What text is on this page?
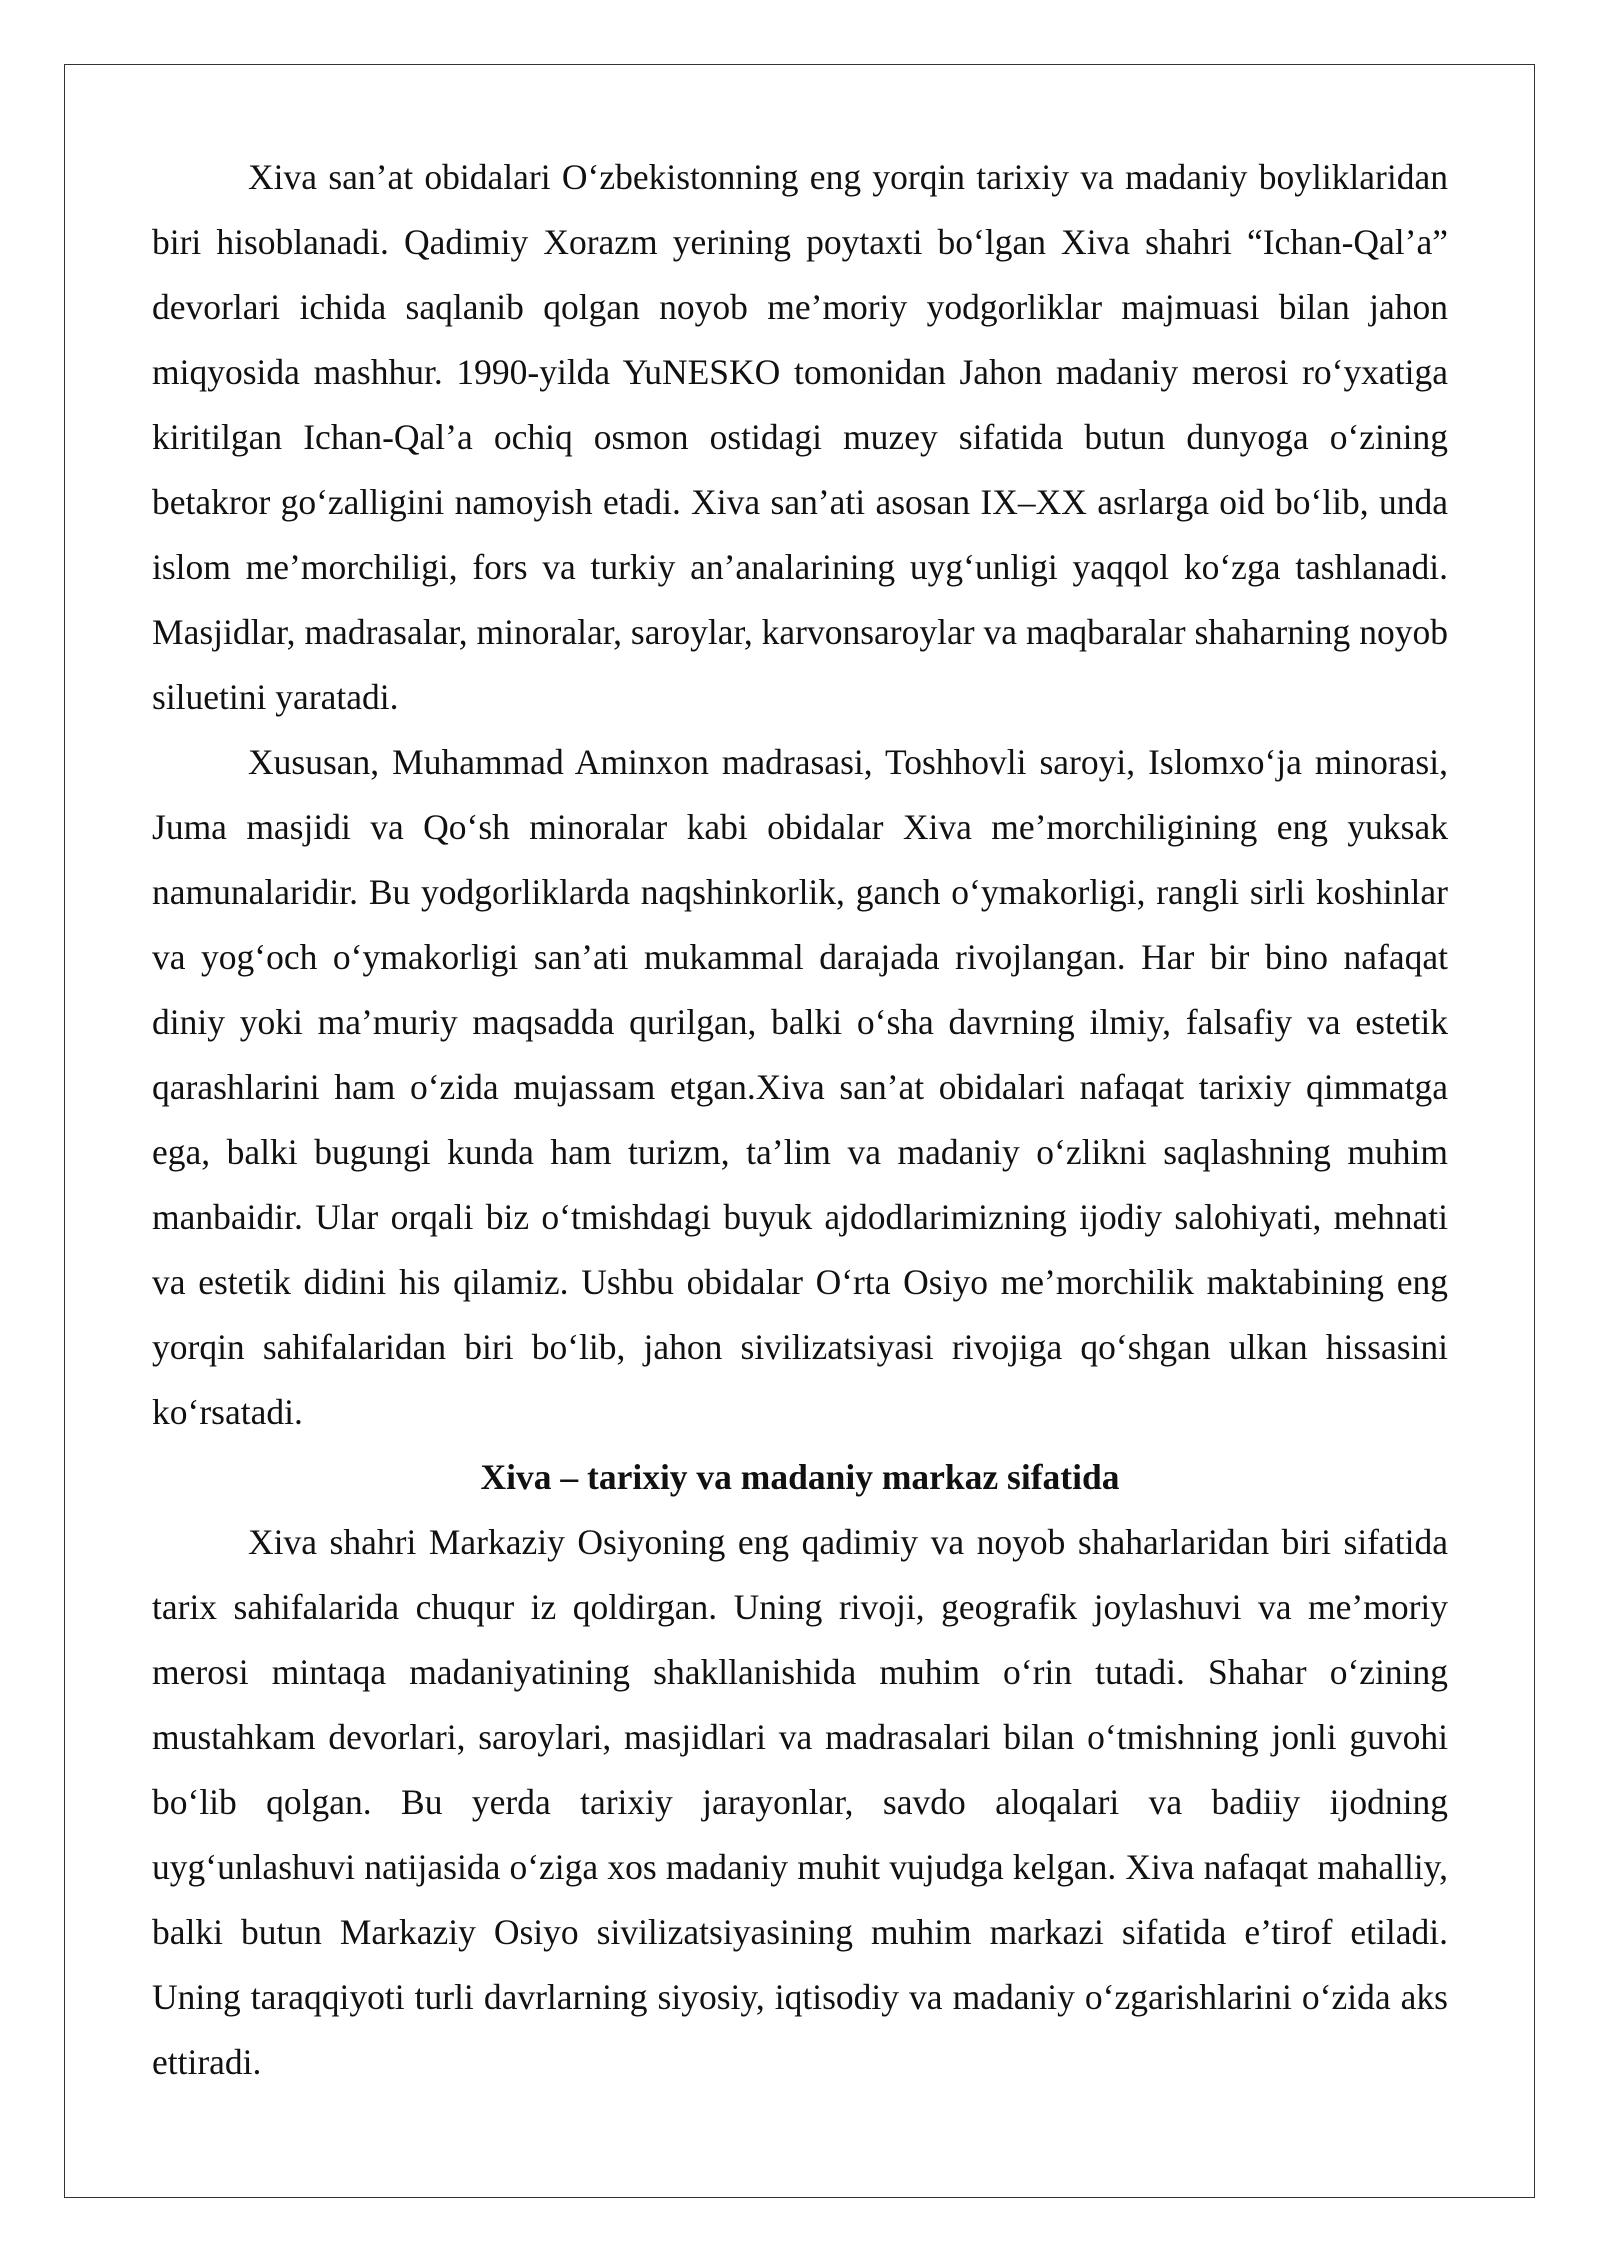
Xiva san’at obidalari O‘zbekistonning eng yorqin tarixiy va madaniy boyliklaridan biri hisoblanadi. Qadimiy Xorazm yerining poytaxti bo‘lgan Xiva shahri “Ichan-Qal’a” devorlari ichida saqlanib qolgan noyob me’moriy yodgorliklar majmuasi bilan jahon miqyosida mashhur. 1990-yilda YuNESKO tomonidan Jahon madaniy merosi ro‘yxatiga kiritilgan Ichan-Qal’a ochiq osmon ostidagi muzey sifatida butun dunyoga o‘zining betakror go‘zalligini namoyish etadi. Xiva san’ati asosan IX–XX asrlarga oid bo‘lib, unda islom me’morchiligi, fors va turkiy an’analarining uyg‘unligi yaqqol ko‘zga tashlanadi. Masjidlar, madrasalar, minoralar, saroylar, karvonsaroylar va maqbaralar shaharning noyob siluetini yaratadi.

Xususan, Muhammad Aminxon madrasasi, Toshhovli saroyi, Islomxo‘ja minorasi, Juma masjidi va Qo‘sh minoralar kabi obidalar Xiva me’morchiligining eng yuksak namunalaridir. Bu yodgorliklarda naqshinkorlik, ganch o‘ymakorligi, rangli sirli koshinlar va yog‘och o‘ymakorligi san’ati mukammal darajada rivojlangan. Har bir bino nafaqat diniy yoki ma’muriy maqsadda qurilgan, balki o‘sha davrning ilmiy, falsafiy va estetik qarashlarini ham o‘zida mujassam etgan.Xiva san’at obidalari nafaqat tarixiy qimmatga ega, balki bugungi kunda ham turizm, ta’lim va madaniy o‘zlikni saqlashning muhim manbaidir. Ular orqali biz o‘tmishdagi buyuk ajdodlarimizning ijodiy salohiyati, mehnati va estetik didini his qilamiz. Ushbu obidalar O‘rta Osiyo me’morchilik maktabining eng yorqin sahifalaridan biri bo‘lib, jahon sivilizatsiyasi rivojiga qo‘shgan ulkan hissasini ko‘rsatadi.

Xiva – tarixiy va madaniy markaz sifatida

Xiva shahri Markaziy Osiyoning eng qadimiy va noyob shaharlaridan biri sifatida tarix sahifalarida chuqur iz qoldirgan. Uning rivoji, geografik joylashuvi va me’moriy merosi mintaqa madaniyatining shakllanishida muhim o‘rin tutadi. Shahar o‘zining mustahkam devorlari, saroylari, masjidlari va madrasalari bilan o‘tmishning jonli guvohi bo‘lib qolgan. Bu yerda tarixiy jarayonlar, savdo aloqalari va badiiy ijodning uyg‘unlashuvi natijasida o‘ziga xos madaniy muhit vujudga kelgan. Xiva nafaqat mahalliy, balki butun Markaziy Osiyo sivilizatsiyasining muhim markazi sifatida e’tirof etiladi. Uning taraqqiyoti turli davrlarning siyosiy, iqtisodiy va madaniy o‘zgarishlarini o‘zida aks ettiradi.
